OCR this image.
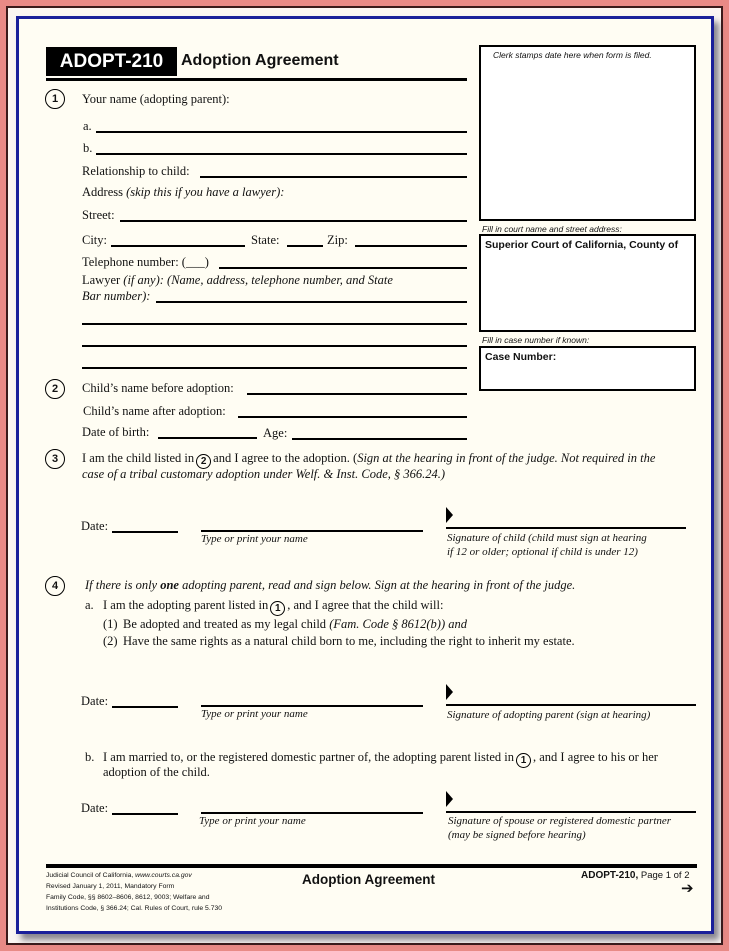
ADOPT-210	Adoption Agreement	Clerk stamps date here when form is filed.
Fill in court name and street address:
Superior Court of California, County of
Fill in case number if known:
Case Number:
1	Your name (adopting parent):
a.
b.
Relationship to child:
Address (skip this if you have a lawyer):
Street:
City:	State:	Zip:
Telephone number: (___)
Lawyer (if any): (Name, address, telephone number, and State
Bar number):
2	Child’s name before adoption:
Child’s name after adoption:
Date of birth:	Age:
3	I am the child listed in 2 and I agree to the adoption. (Sign at the hearing in front of the judge. Not required in the
case of a tribal customary adoption under Welf. & Inst. Code, § 366.24.)
Date:
Type or print your name	Signature of child (child must sign at hearing
if 12 or older; optional if child is under 12)
4	If there is only one adopting parent, read and sign below. Sign at the hearing in front of the judge.
a. I am the adopting parent listed in 1 , and I agree that the child will:
(1) Be adopted and treated as my legal child (Fam. Code § 8612(b)) and
(2) Have the same rights as a natural child born to me, including the right to inherit my estate.
Date:
Type or print your name	Signature of adopting parent (sign at hearing)
b. I am married to, or the registered domestic partner of, the adopting parent listed in 1 , and I agree to his or her
adoption of the child.
Date:
Type or print your name	Signature of spouse or registered domestic partner
(may be signed before hearing)
Judicial Council of California, www.courts.ca.gov
Revised January 1, 2011, Mandatory Form
Family Code, §§ 8602–8606, 8612, 9003; Welfare and
Institutions Code, § 366.24; Cal. Rules of Court, rule 5.730
Adoption Agreement	ADOPT-210, Page 1 of 2
➔
